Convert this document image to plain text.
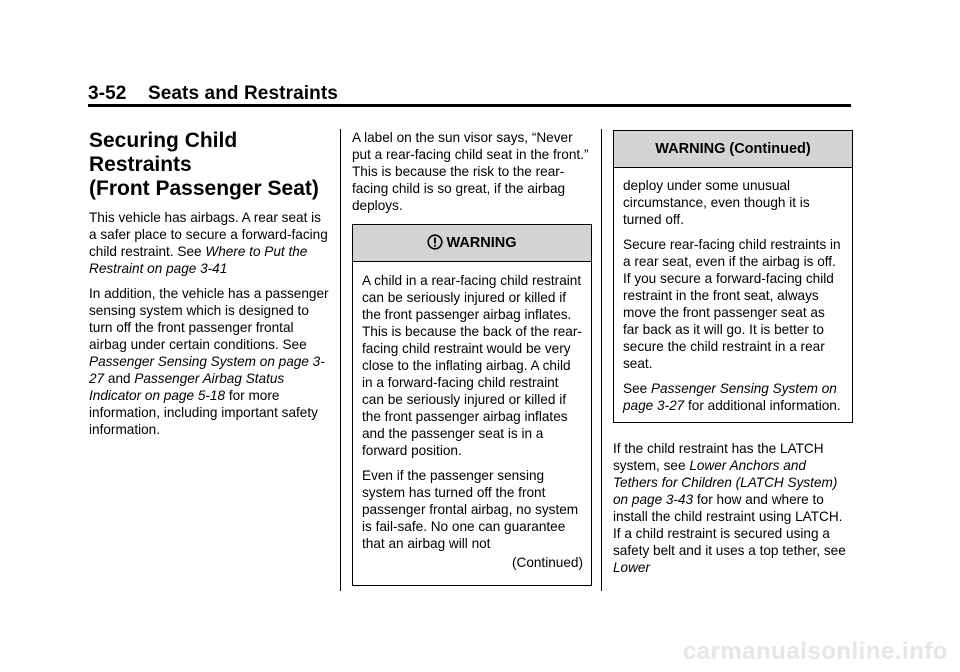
3-52 Seats and Restraints
Securing Child Restraints
(Front Passenger Seat)

This vehicle has airbags. A rear seat is a safer place to secure a forward-facing child restraint. See Where to Put the Restraint on page 3-41

In addition, the vehicle has a passenger sensing system which is designed to turn off the front passenger frontal airbag under certain conditions. See Passenger Sensing System on page 3-27 and Passenger Airbag Status Indicator on page 5-18 for more information, including important safety information.

A label on the sun visor says, “Never put a rear-facing child seat in the front.” This is because the risk to the rear-facing child is so great, if the airbag deploys.

WARNING

A child in a rear-facing child restraint can be seriously injured or killed if the front passenger airbag inflates. This is because the back of the rear-facing child restraint would be very close to the inflating airbag. A child in a forward-facing child restraint can be seriously injured or killed if the front passenger airbag inflates and the passenger seat is in a forward position.

Even if the passenger sensing system has turned off the front passenger frontal airbag, no system is fail-safe. No one can guarantee that an airbag will not

(Continued)

WARNING (Continued)

deploy under some unusual circumstance, even though it is turned off.

Secure rear-facing child restraints in a rear seat, even if the airbag is off. If you secure a forward-facing child restraint in the front seat, always move the front passenger seat as far back as it will go. It is better to secure the child restraint in a rear seat.

See Passenger Sensing System on page 3-27 for additional information.

If the child restraint has the LATCH system, see Lower Anchors and Tethers for Children (LATCH System) on page 3-43 for how and where to install the child restraint using LATCH. If a child restraint is secured using a safety belt and it uses a top tether, see Lower

carmanualsonline.info
